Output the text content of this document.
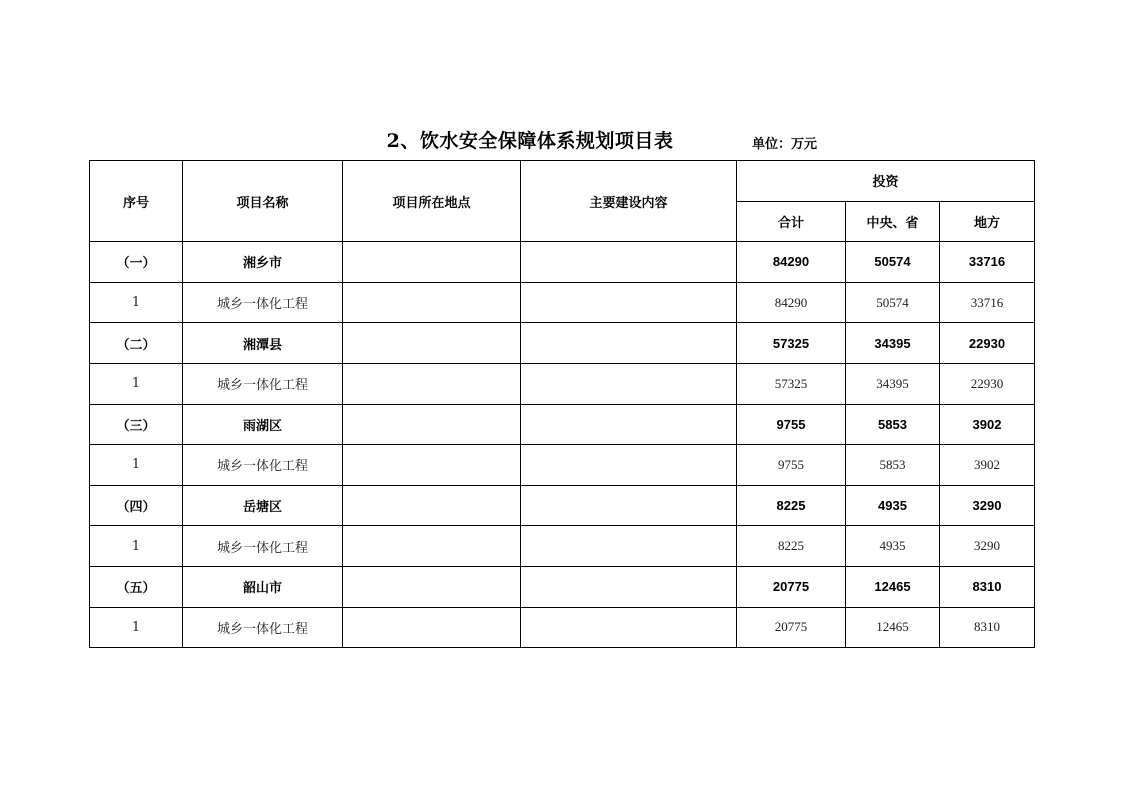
2、饮水安全保障体系规划项目表	单位：万元
序号	项目名称	项目所在地点	主要建设内容	投资		
				合计	中央、省	地方
（一）	湘乡市			84290	50574	33716
1	城乡一体化工程			84290	50574	33716
（二）	湘潭县			57325	34395	22930
1	城乡一体化工程			57325	34395	22930
（三）	雨湖区			9755	5853	3902
1	城乡一体化工程			9755	5853	3902
（四）	岳塘区			8225	4935	3290
1	城乡一体化工程			8225	4935	3290
（五）	韶山市			20775	12465	8310
1	城乡一体化工程			20775	12465	8310
